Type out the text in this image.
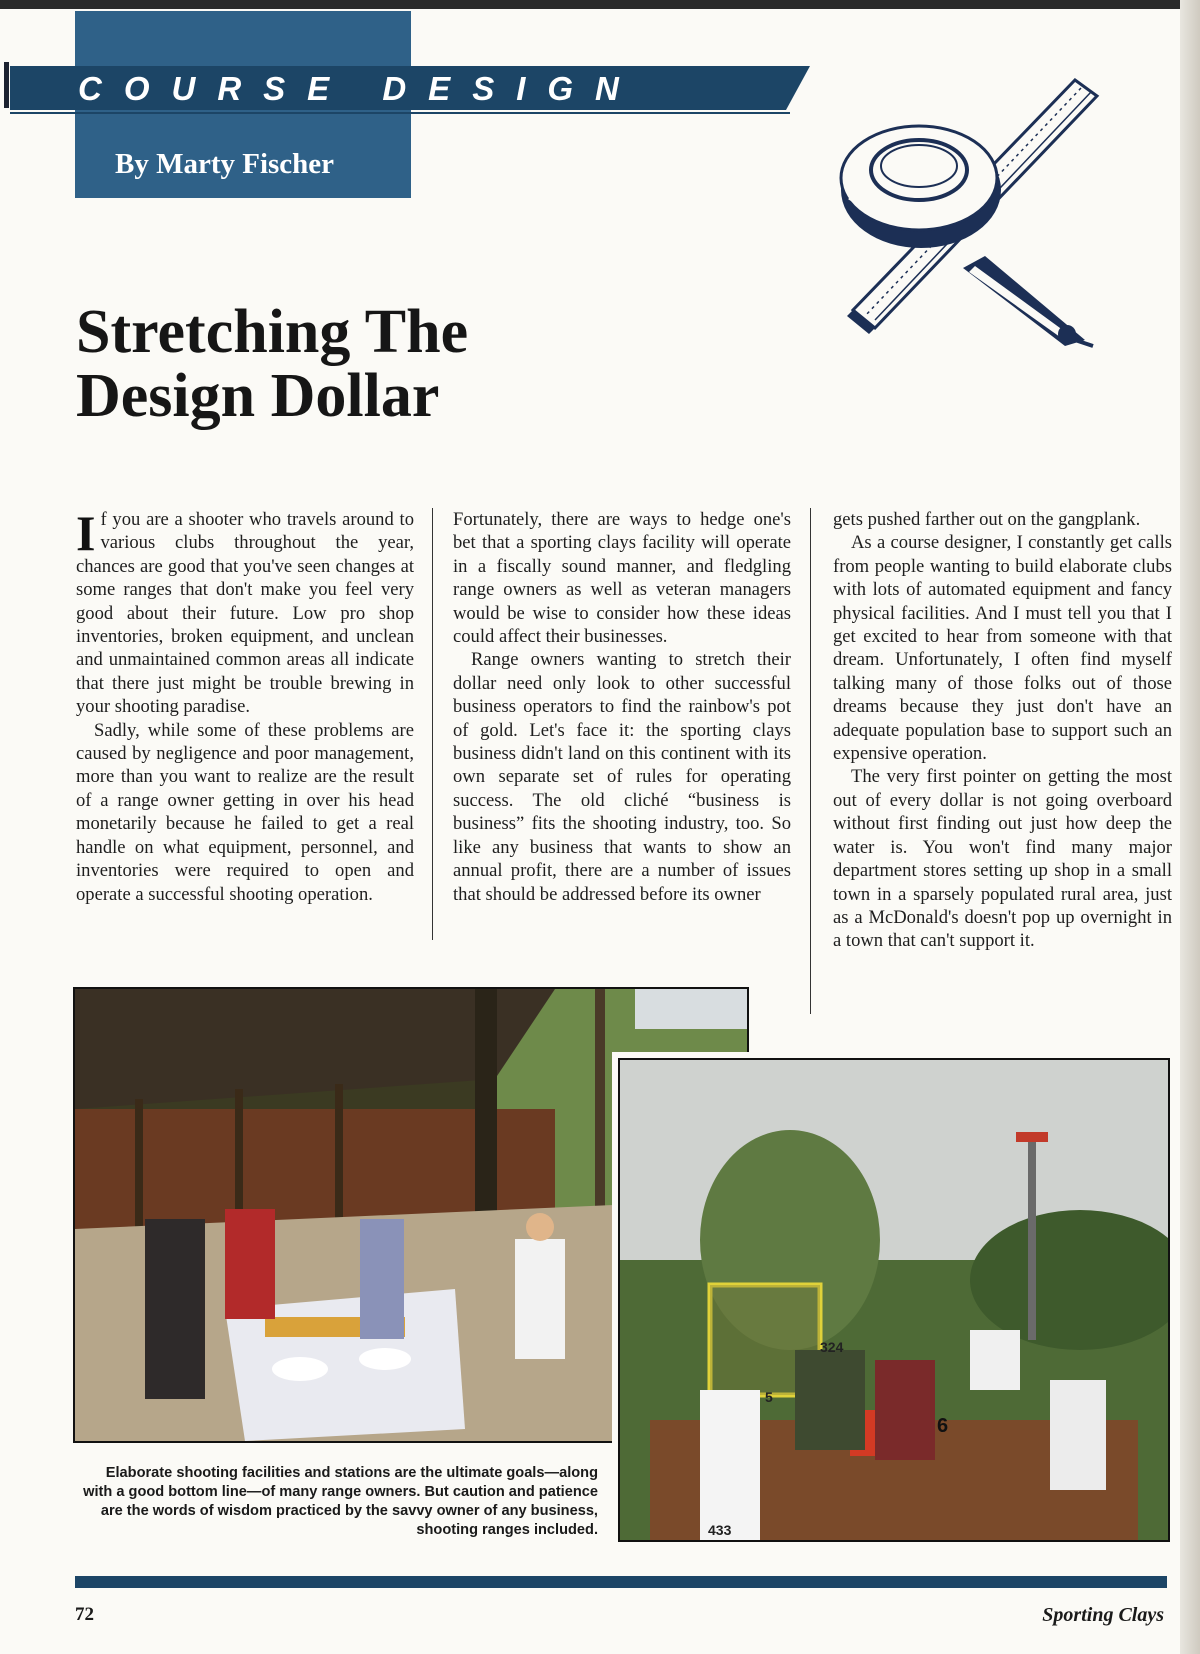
COURSE DESIGN
By Marty Fischer
Stretching The Design Dollar

If you are a shooter who travels around to various clubs throughout the year, chances are good that you've seen changes at some ranges that don't make you feel very good about their future. Low pro shop inventories, broken equipment, and unclean and unmaintained common areas all indicate that there just might be trouble brewing in your shooting paradise.

Sadly, while some of these problems are caused by negligence and poor management, more than you want to realize are the result of a range owner getting in over his head monetarily because he failed to get a real handle on what equipment, personnel, and inventories were required to open and operate a successful shooting operation.

Fortunately, there are ways to hedge one's bet that a sporting clays facility will operate in a fiscally sound manner, and fledgling range owners as well as veteran managers would be wise to consider how these ideas could affect their businesses.

Range owners wanting to stretch their dollar need only look to other successful business operators to find the rainbow's pot of gold. Let's face it: the sporting clays business didn't land on this continent with its own separate set of rules for operating success. The old cliché “business is business” fits the shooting industry, too. So like any business that wants to show an annual profit, there are a number of issues that should be addressed before its owner

gets pushed farther out on the gangplank.

As a course designer, I constantly get calls from people wanting to build elaborate clubs with lots of automated equipment and fancy physical facilities. And I must tell you that I get excited to hear from someone with that dream. Unfortunately, I often find myself talking many of those folks out of those dreams because they just don't have an adequate population base to support such an expensive operation.

The very first pointer on getting the most out of every dollar is not going overboard without first finding out just how deep the water is. You won't find many major department stores setting up shop in a small town in a sparsely populated rural area, just as a McDonald's doesn't pop up overnight in a town that can't support it.

324
6
5
433
Elaborate shooting facilities and stations are the ultimate goals—along with a good bottom line—of many range owners. But caution and patience are the words of wisdom practiced by the savvy owner of any business, shooting ranges included.
72	Sporting Clays
